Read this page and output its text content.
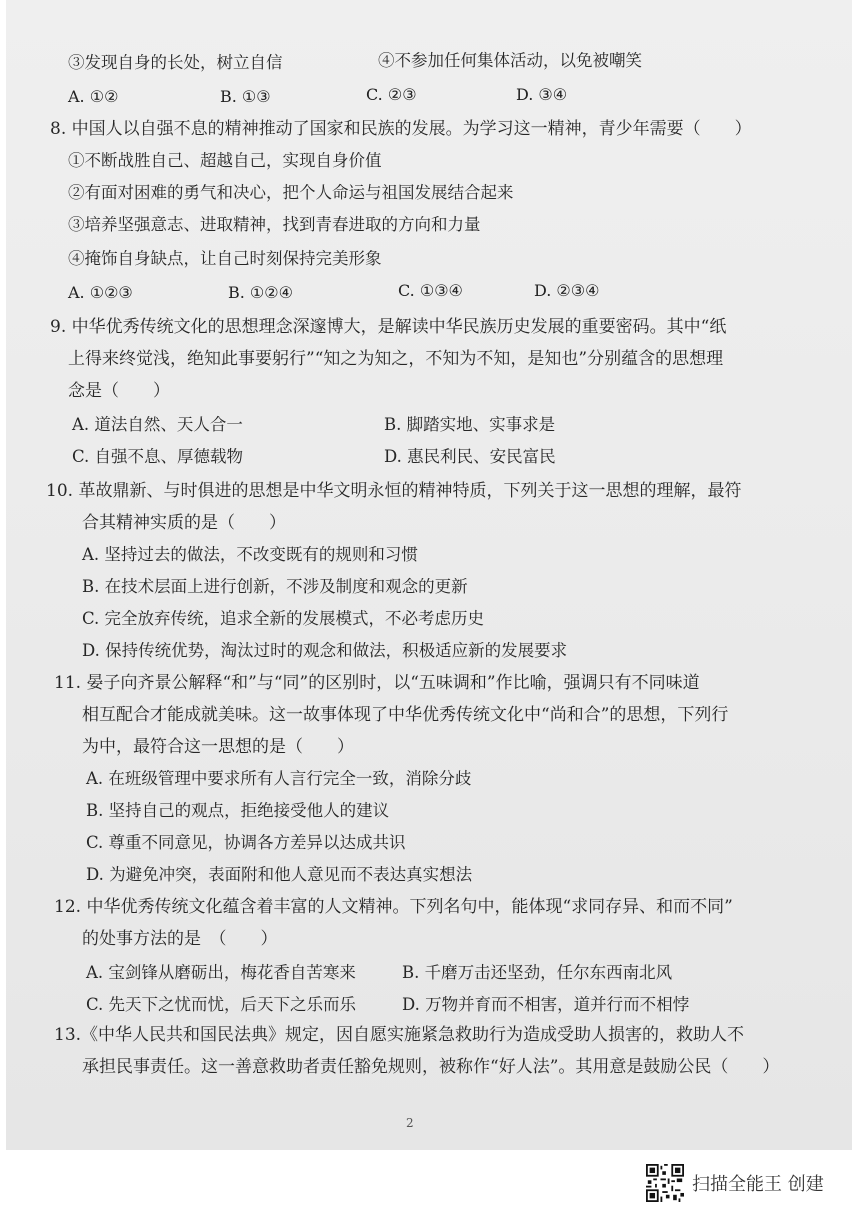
③发现自身的长处，树立自信	④不参加任何集体活动，以免被嘲笑
A. ①②	B. ①③	C. ②③	D. ③④
8. 中国人以自强不息的精神推动了国家和民族的发展。为学习这一精神，青少年需要（　　）
①不断战胜自己、超越自己，实现自身价值
②有面对困难的勇气和决心，把个人命运与祖国发展结合起来
③培养坚强意志、进取精神，找到青春进取的方向和力量
④掩饰自身缺点，让自己时刻保持完美形象
A. ①②③	B. ①②④	C. ①③④	D. ②③④
9. 中华优秀传统文化的思想理念深邃博大，是解读中华民族历史发展的重要密码。其中“纸
上得来终觉浅，绝知此事要躬行”“知之为知之，不知为不知，是知也”分别蕴含的思想理
念是（　　）
A. 道法自然、天人合一	B. 脚踏实地、实事求是
C. 自强不息、厚德载物	D. 惠民利民、安民富民
10. 革故鼎新、与时俱进的思想是中华文明永恒的精神特质，下列关于这一思想的理解，最符
合其精神实质的是（　　）
A. 坚持过去的做法，不改变既有的规则和习惯
B. 在技术层面上进行创新，不涉及制度和观念的更新
C. 完全放弃传统，追求全新的发展模式，不必考虑历史
D. 保持传统优势，淘汰过时的观念和做法，积极适应新的发展要求
11. 晏子向齐景公解释“和”与“同”的区别时，以“五味调和”作比喻，强调只有不同味道
相互配合才能成就美味。这一故事体现了中华优秀传统文化中“尚和合”的思想，下列行
为中，最符合这一思想的是（　　）
A. 在班级管理中要求所有人言行完全一致，消除分歧
B. 坚持自己的观点，拒绝接受他人的建议
C. 尊重不同意见，协调各方差异以达成共识
D. 为避免冲突，表面附和他人意见而不表达真实想法
12. 中华优秀传统文化蕴含着丰富的人文精神。下列名句中，能体现“求同存异、和而不同”
的处事方法的是　（　　）
A. 宝剑锋从磨砺出，梅花香自苦寒来	B. 千磨万击还坚劲，任尔东西南北风
C. 先天下之忧而忧，后天下之乐而乐	D. 万物并育而不相害，道并行而不相悖
13.《中华人民共和国民法典》规定，因自愿实施紧急救助行为造成受助人损害的，救助人不
承担民事责任。这一善意救助者责任豁免规则，被称作“好人法”。其用意是鼓励公民（　　）
2
扫描全能王 创建
